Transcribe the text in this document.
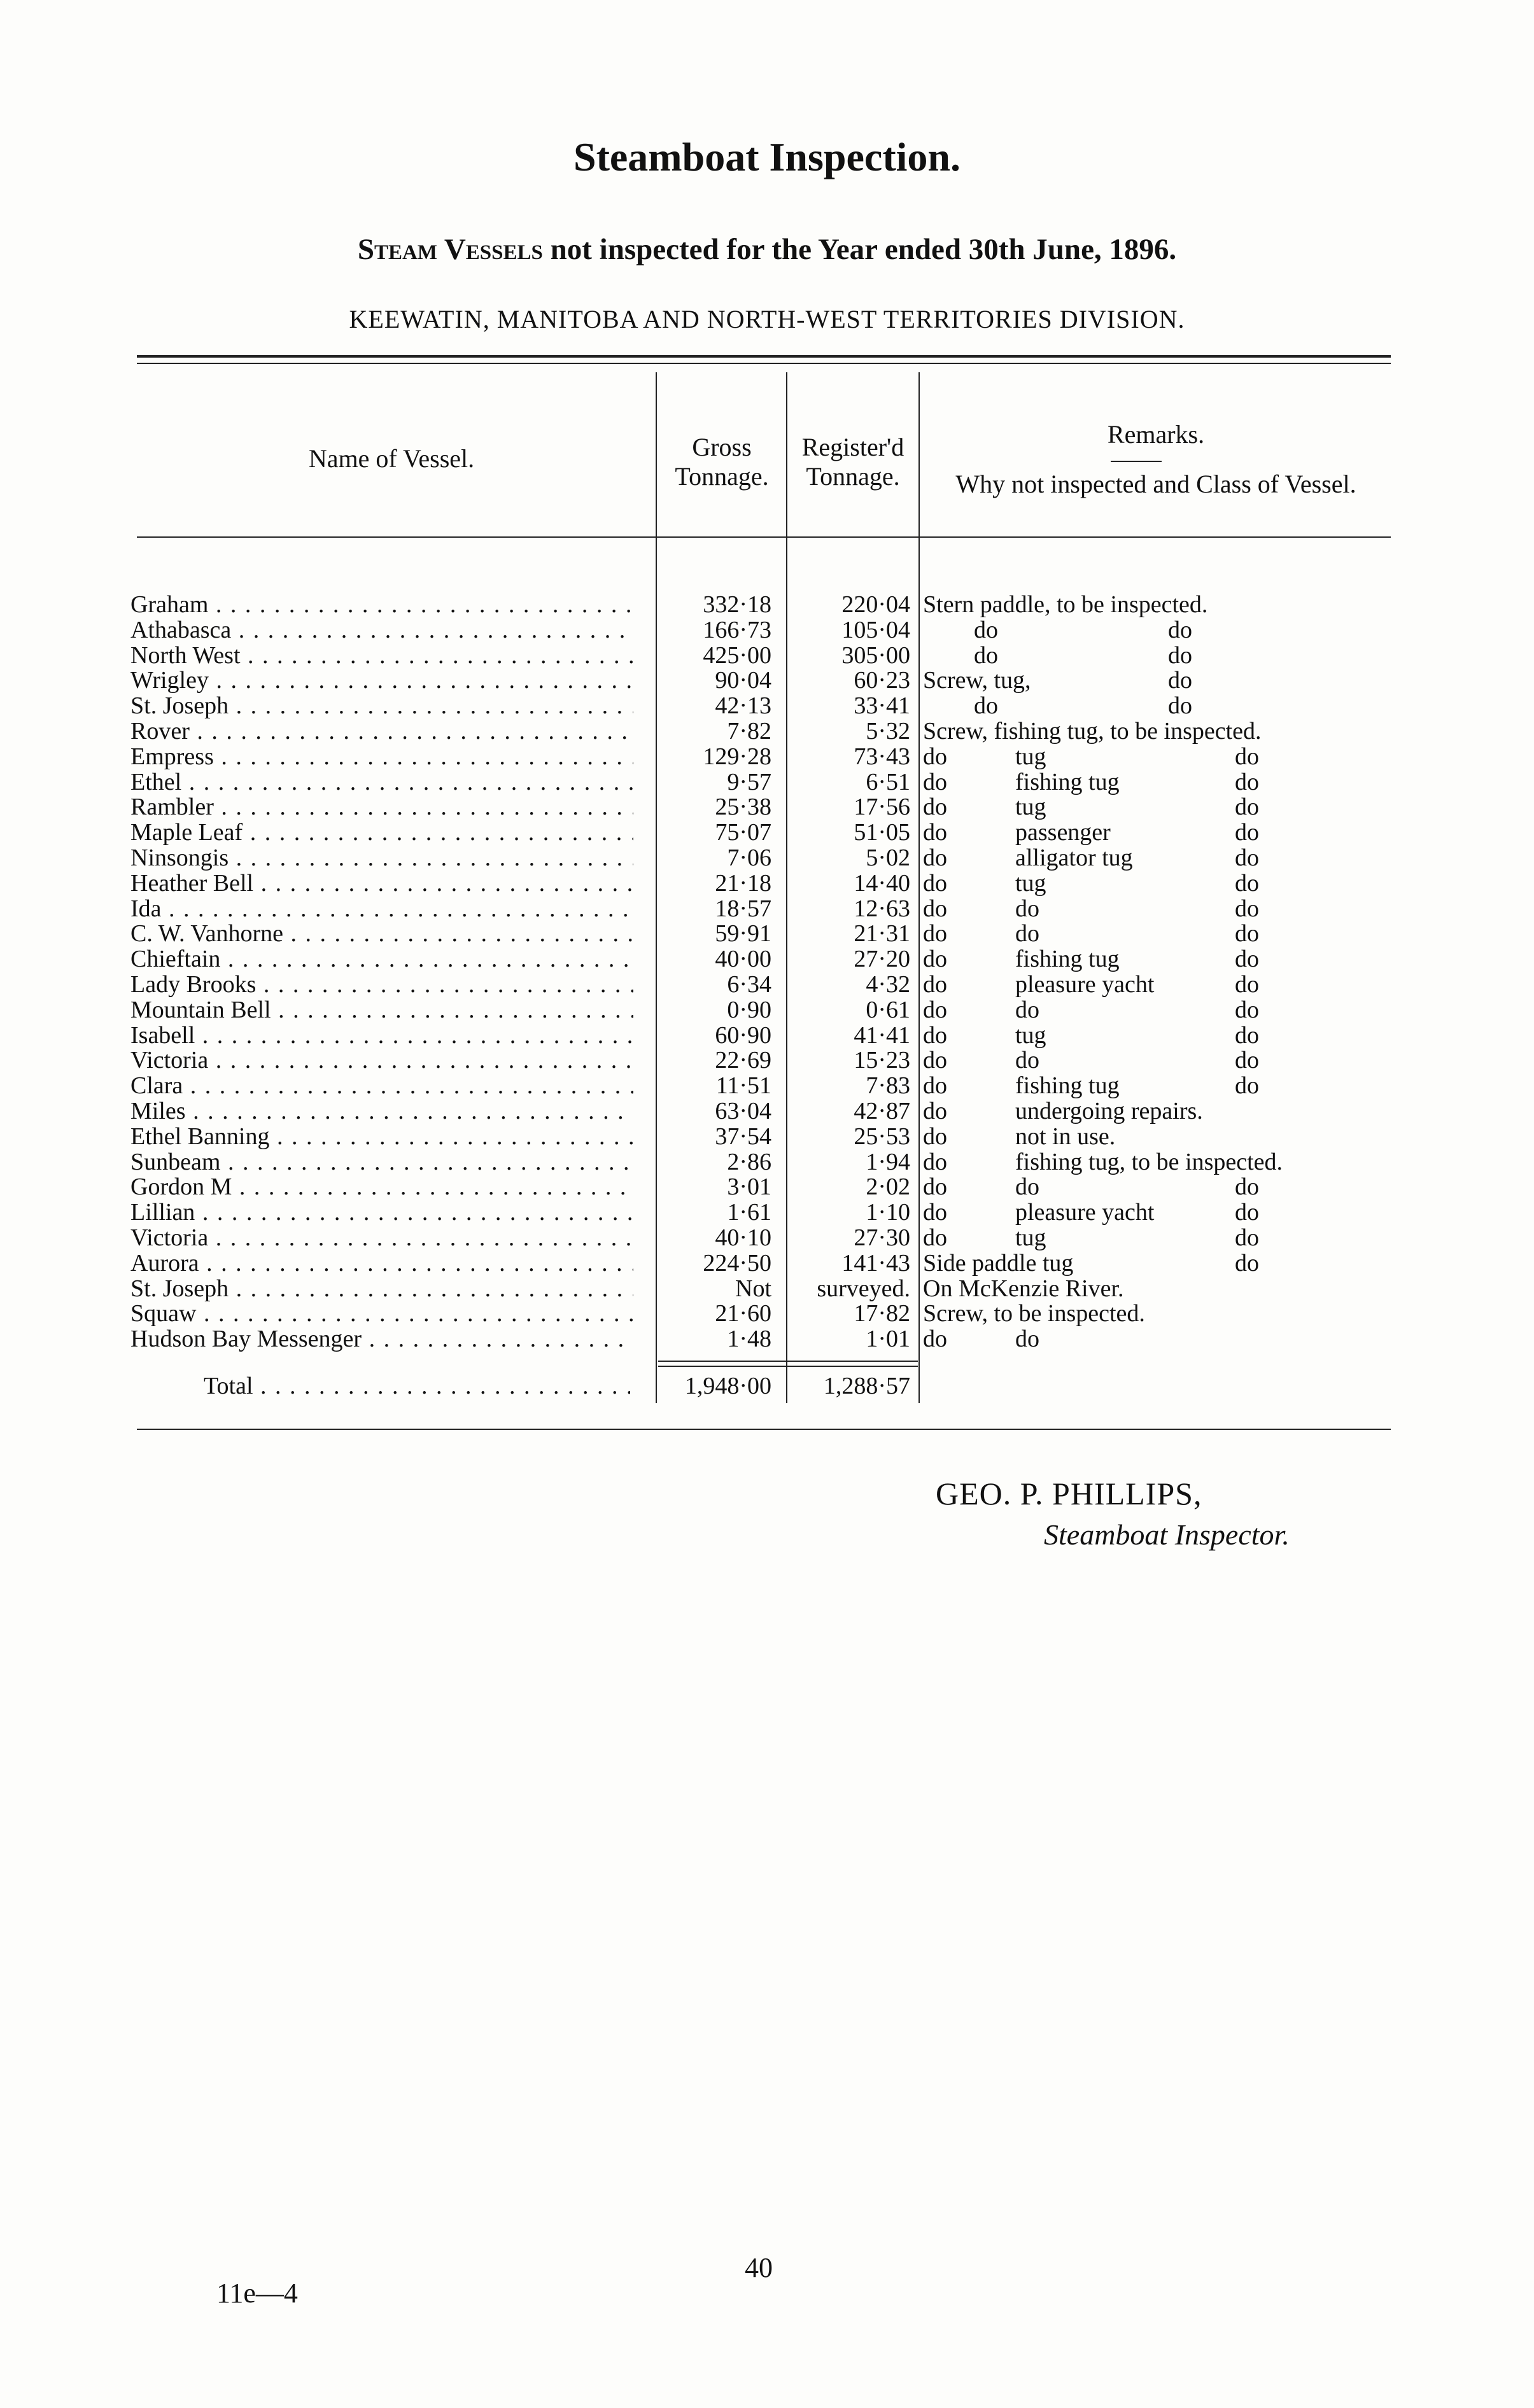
Steamboat Inspection.
Steam Vessels not inspected for the Year ended 30th June, 1896.
KEEWATIN, MANITOBA AND NORTH-WEST TERRITORIES DIVISION.
Name of Vessel.	Gross
Tonnage.
Register'd
Tonnage.
Remarks.
Why not inspected and Class of Vessel.
Graham . . .	332·18	220·04 Stern paddle, to be inspected.
Athabasca . . .	166·73	105·04	do	do
North West . . .	425·00	305·00	do	do
Wrigley . . .	90·04	60·23 Screw, tug,	do
St. Joseph . . .	42·13	33·41	do	do
Rover . . .	7·82	5·32 Screw, fishing tug, to be inspected.
Empress . . .	129·28	73·43 do	tug	do
Ethel . . .	9·57	6·51 do	fishing tug	do
Rambler . . .	25·38	17·56 do	tug	do
Maple Leaf . . .	75·07	51·05 do	passenger	do
Ninsongis . . .	7·06	5·02 do	alligator tug	do
Heather Bell . . .	21·18	14·40 do	tug	do
Ida . . .	18·57	12·63 do	do	do
C. W. Vanhorne . . .	59·91	21·31 do	do	do
Chieftain . . .	40·00	27·20 do	fishing tug	do
Lady Brooks . . .	6·34	4·32 do	pleasure yacht	do
Mountain Bell . . .	0·90	0·61 do	do	do
Isabell . . .	60·90	41·41 do	tug	do
Victoria . . .	22·69	15·23 do	do	do
Clara . . .	11·51	7·83 do	fishing tug	do
Miles . . .	63·04	42·87 do	undergoing repairs.
Ethel Banning . . .	37·54	25·53 do	not in use.
Sunbeam . . .	2·86	1·94 do	fishing tug, to be inspected.
Gordon M . . .	3·01	2·02 do	do	do
Lillian . . .	1·61	1·10 do	pleasure yacht	do
Victoria . . .	40·10	27·30 do	tug	do
Aurora . . .	224·50	141·43 Side paddle tug	do
St. Joseph . . .	Not	surveyed. On McKenzie River.
Squaw . . .	21·60	17·82 Screw, to be inspected.
Hudson Bay Messenger . . .	1·48	1·01 do	do
Total . . .	1,948·00	1,288·57
GEO. P. PHILLIPS,
Steamboat Inspector.
40
11e—4
